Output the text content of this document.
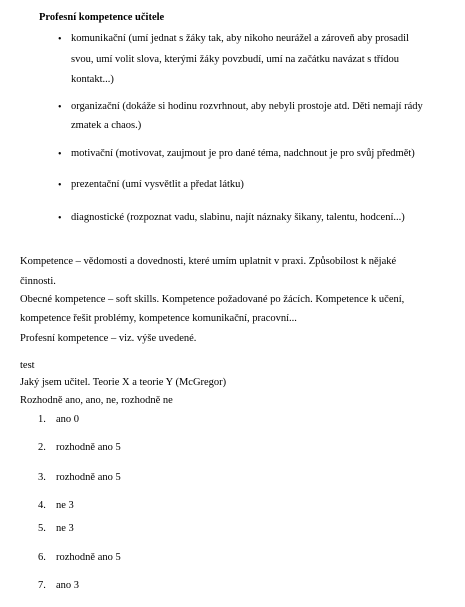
Profesní kompetence učitele
• komunikační (umí jednat s žáky tak, aby nikoho neurážel a zároveň aby prosadil
svou, umí volit slova, kterými žáky povzbudí, umí na začátku navázat s třídou
kontakt...)
• organizační (dokáže si hodinu rozvrhnout, aby nebyli prostoje atd. Děti nemají rády
zmatek a chaos.)
• motivační (motivovat, zaujmout je pro dané téma, nadchnout je pro svůj předmět)
• prezentační (umí vysvětlit a předat látku)
• diagnostické (rozpoznat vadu, slabinu, najít náznaky šikany, talentu, hodcení...)
Kompetence – vědomosti a dovednosti, které umím uplatnit v praxi. Způsobilost k nějaké
činnosti.
Obecné kompetence – soft skills. Kompetence požadované po žácích. Kompetence k učení,
kompetence řešit problémy, kompetence komunikační, pracovní...
Profesní kompetence – viz. výše uvedené.
test
Jaký jsem učitel. Teorie X a teorie Y (McGregor)
Rozhodně ano, ano, ne, rozhodně ne
1. ano 0
2. rozhodně ano 5
3. rozhodně ano 5
4. ne 3
5. ne 3
6. rozhodně ano 5
7. ano 3
